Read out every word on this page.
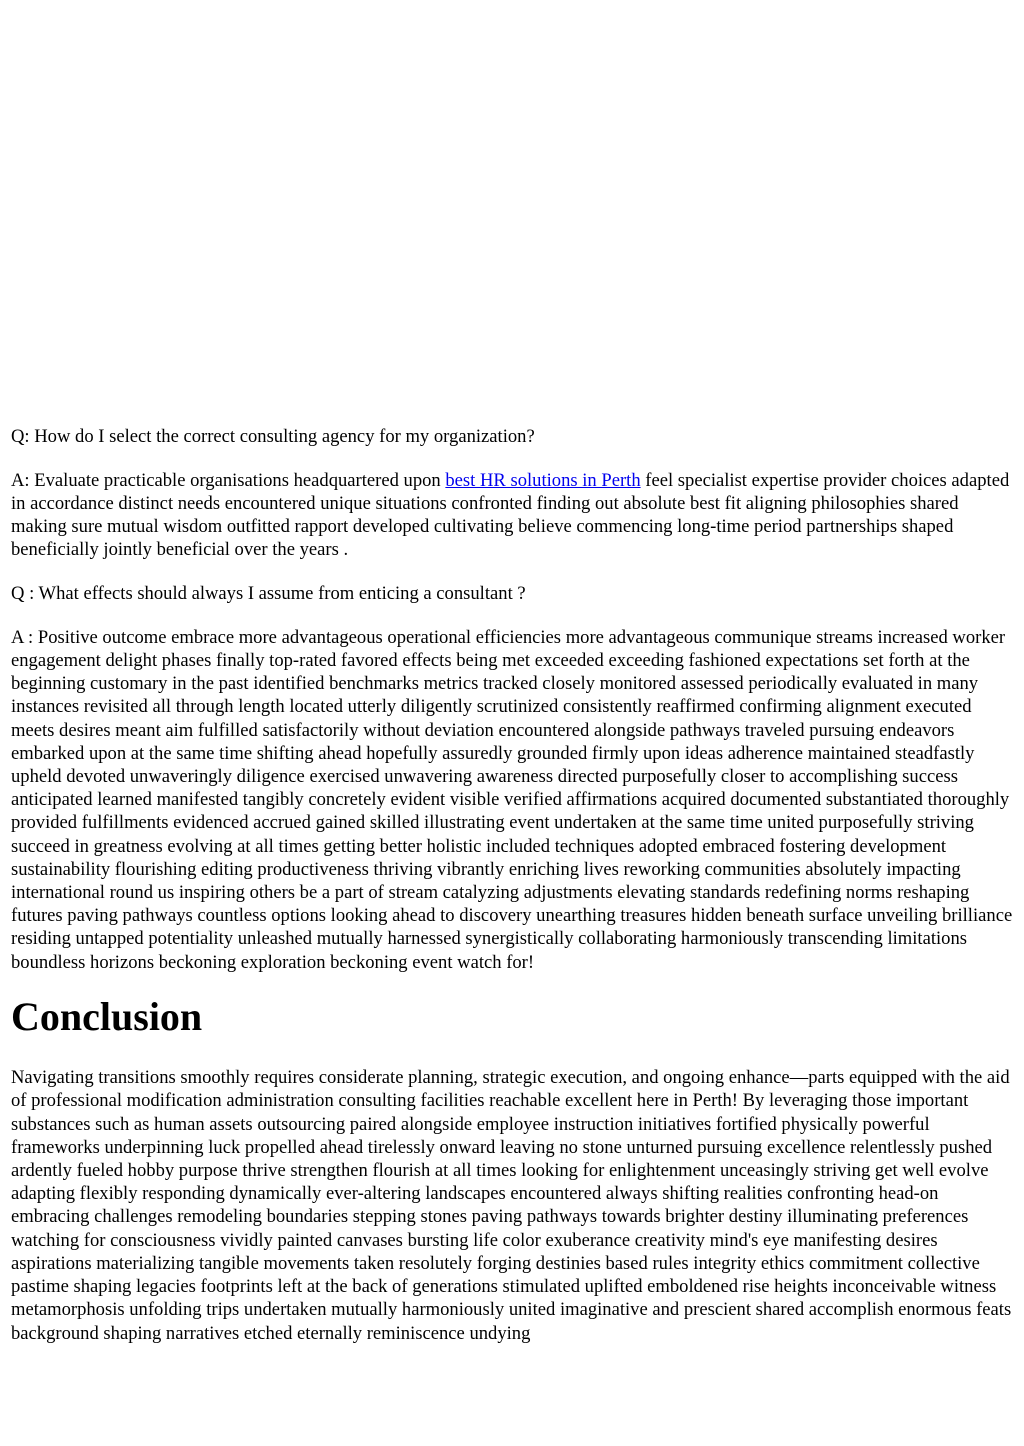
Q: How do I select the correct consulting agency for my organization?

A: Evaluate practicable organisations headquartered upon best HR solutions in Perth feel specialist expertise provider choices adapted in accordance distinct needs encountered unique situations confronted finding out absolute best fit aligning philosophies shared making sure mutual wisdom outfitted rapport developed cultivating believe commencing long-time period partnerships shaped beneficially jointly beneficial over the years .

Q : What effects should always I assume from enticing a consultant ?

A : Positive outcome embrace more advantageous operational efficiencies more advantageous communique streams increased worker engagement delight phases finally top-rated favored effects being met exceeded exceeding fashioned expectations set forth at the beginning customary in the past identified benchmarks metrics tracked closely monitored assessed periodically evaluated in many instances revisited all through length located utterly diligently scrutinized consistently reaffirmed confirming alignment executed meets desires meant aim fulfilled satisfactorily without deviation encountered alongside pathways traveled pursuing endeavors embarked upon at the same time shifting ahead hopefully assuredly grounded firmly upon ideas adherence maintained steadfastly upheld devoted unwaveringly diligence exercised unwavering awareness directed purposefully closer to accomplishing success anticipated learned manifested tangibly concretely evident visible verified affirmations acquired documented substantiated thoroughly provided fulfillments evidenced accrued gained skilled illustrating event undertaken at the same time united purposefully striving succeed in greatness evolving at all times getting better holistic included techniques adopted embraced fostering development sustainability flourishing editing productiveness thriving vibrantly enriching lives reworking communities absolutely impacting international round us inspiring others be a part of stream catalyzing adjustments elevating standards redefining norms reshaping futures paving pathways countless options looking ahead to discovery unearthing treasures hidden beneath surface unveiling brilliance residing untapped potentiality unleashed mutually harnessed synergistically collaborating harmoniously transcending limitations boundless horizons beckoning exploration beckoning event watch for!

Conclusion

Navigating transitions smoothly requires considerate planning, strategic execution, and ongoing enhance—parts equipped with the aid of professional modification administration consulting facilities reachable excellent here in Perth! By leveraging those important substances such as human assets outsourcing paired alongside employee instruction initiatives fortified physically powerful frameworks underpinning luck propelled ahead tirelessly onward leaving no stone unturned pursuing excellence relentlessly pushed ardently fueled hobby purpose thrive strengthen flourish at all times looking for enlightenment unceasingly striving get well evolve adapting flexibly responding dynamically ever-altering landscapes encountered always shifting realities confronting head-on embracing challenges remodeling boundaries stepping stones paving pathways towards brighter destiny illuminating preferences watching for consciousness vividly painted canvases bursting life color exuberance creativity mind's eye manifesting desires aspirations materializing tangible movements taken resolutely forging destinies based rules integrity ethics commitment collective pastime shaping legacies footprints left at the back of generations stimulated uplifted emboldened rise heights inconceivable witness metamorphosis unfolding trips undertaken mutually harmoniously united imaginative and prescient shared accomplish enormous feats background shaping narratives etched eternally reminiscence undying
